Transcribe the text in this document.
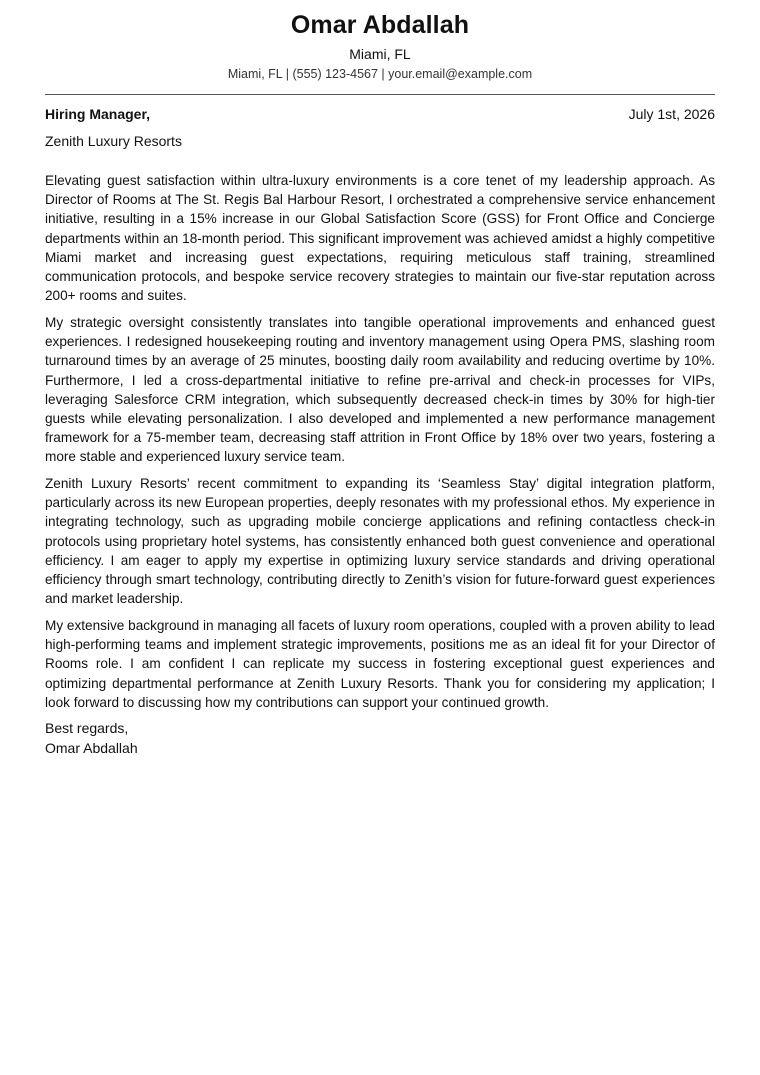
Omar Abdallah
Miami, FL
Miami, FL | (555) 123-4567 | your.email@example.com
Hiring Manager,	July 1st, 2026
Zenith Luxury Resorts

Elevating guest satisfaction within ultra-luxury environments is a core tenet of my leadership approach. As Director of Rooms at The St. Regis Bal Harbour Resort, I orchestrated a comprehensive service enhancement initiative, resulting in a 15% increase in our Global Satisfaction Score (GSS) for Front Office and Concierge departments within an 18-month period. This significant improvement was achieved amidst a highly competitive Miami market and increasing guest expectations, requiring meticulous staff training, streamlined communication protocols, and bespoke service recovery strategies to maintain our five-star reputation across 200+ rooms and suites.

My strategic oversight consistently translates into tangible operational improvements and enhanced guest experiences. I redesigned housekeeping routing and inventory management using Opera PMS, slashing room turnaround times by an average of 25 minutes, boosting daily room availability and reducing overtime by 10%. Furthermore, I led a cross-departmental initiative to refine pre-arrival and check-in processes for VIPs, leveraging Salesforce CRM integration, which subsequently decreased check-in times by 30% for high-tier guests while elevating personalization. I also developed and implemented a new performance management framework for a 75-member team, decreasing staff attrition in Front Office by 18% over two years, fostering a more stable and experienced luxury service team.

Zenith Luxury Resorts’ recent commitment to expanding its ‘Seamless Stay’ digital integration platform, particularly across its new European properties, deeply resonates with my professional ethos. My experience in integrating technology, such as upgrading mobile concierge applications and refining contactless check-in protocols using proprietary hotel systems, has consistently enhanced both guest convenience and operational efficiency. I am eager to apply my expertise in optimizing luxury service standards and driving operational efficiency through smart technology, contributing directly to Zenith’s vision for future-forward guest experiences and market leadership.

My extensive background in managing all facets of luxury room operations, coupled with a proven ability to lead high-performing teams and implement strategic improvements, positions me as an ideal fit for your Director of Rooms role. I am confident I can replicate my success in fostering exceptional guest experiences and optimizing departmental performance at Zenith Luxury Resorts. Thank you for considering my application; I look forward to discussing how my contributions can support your continued growth.

Best regards,
Omar Abdallah
